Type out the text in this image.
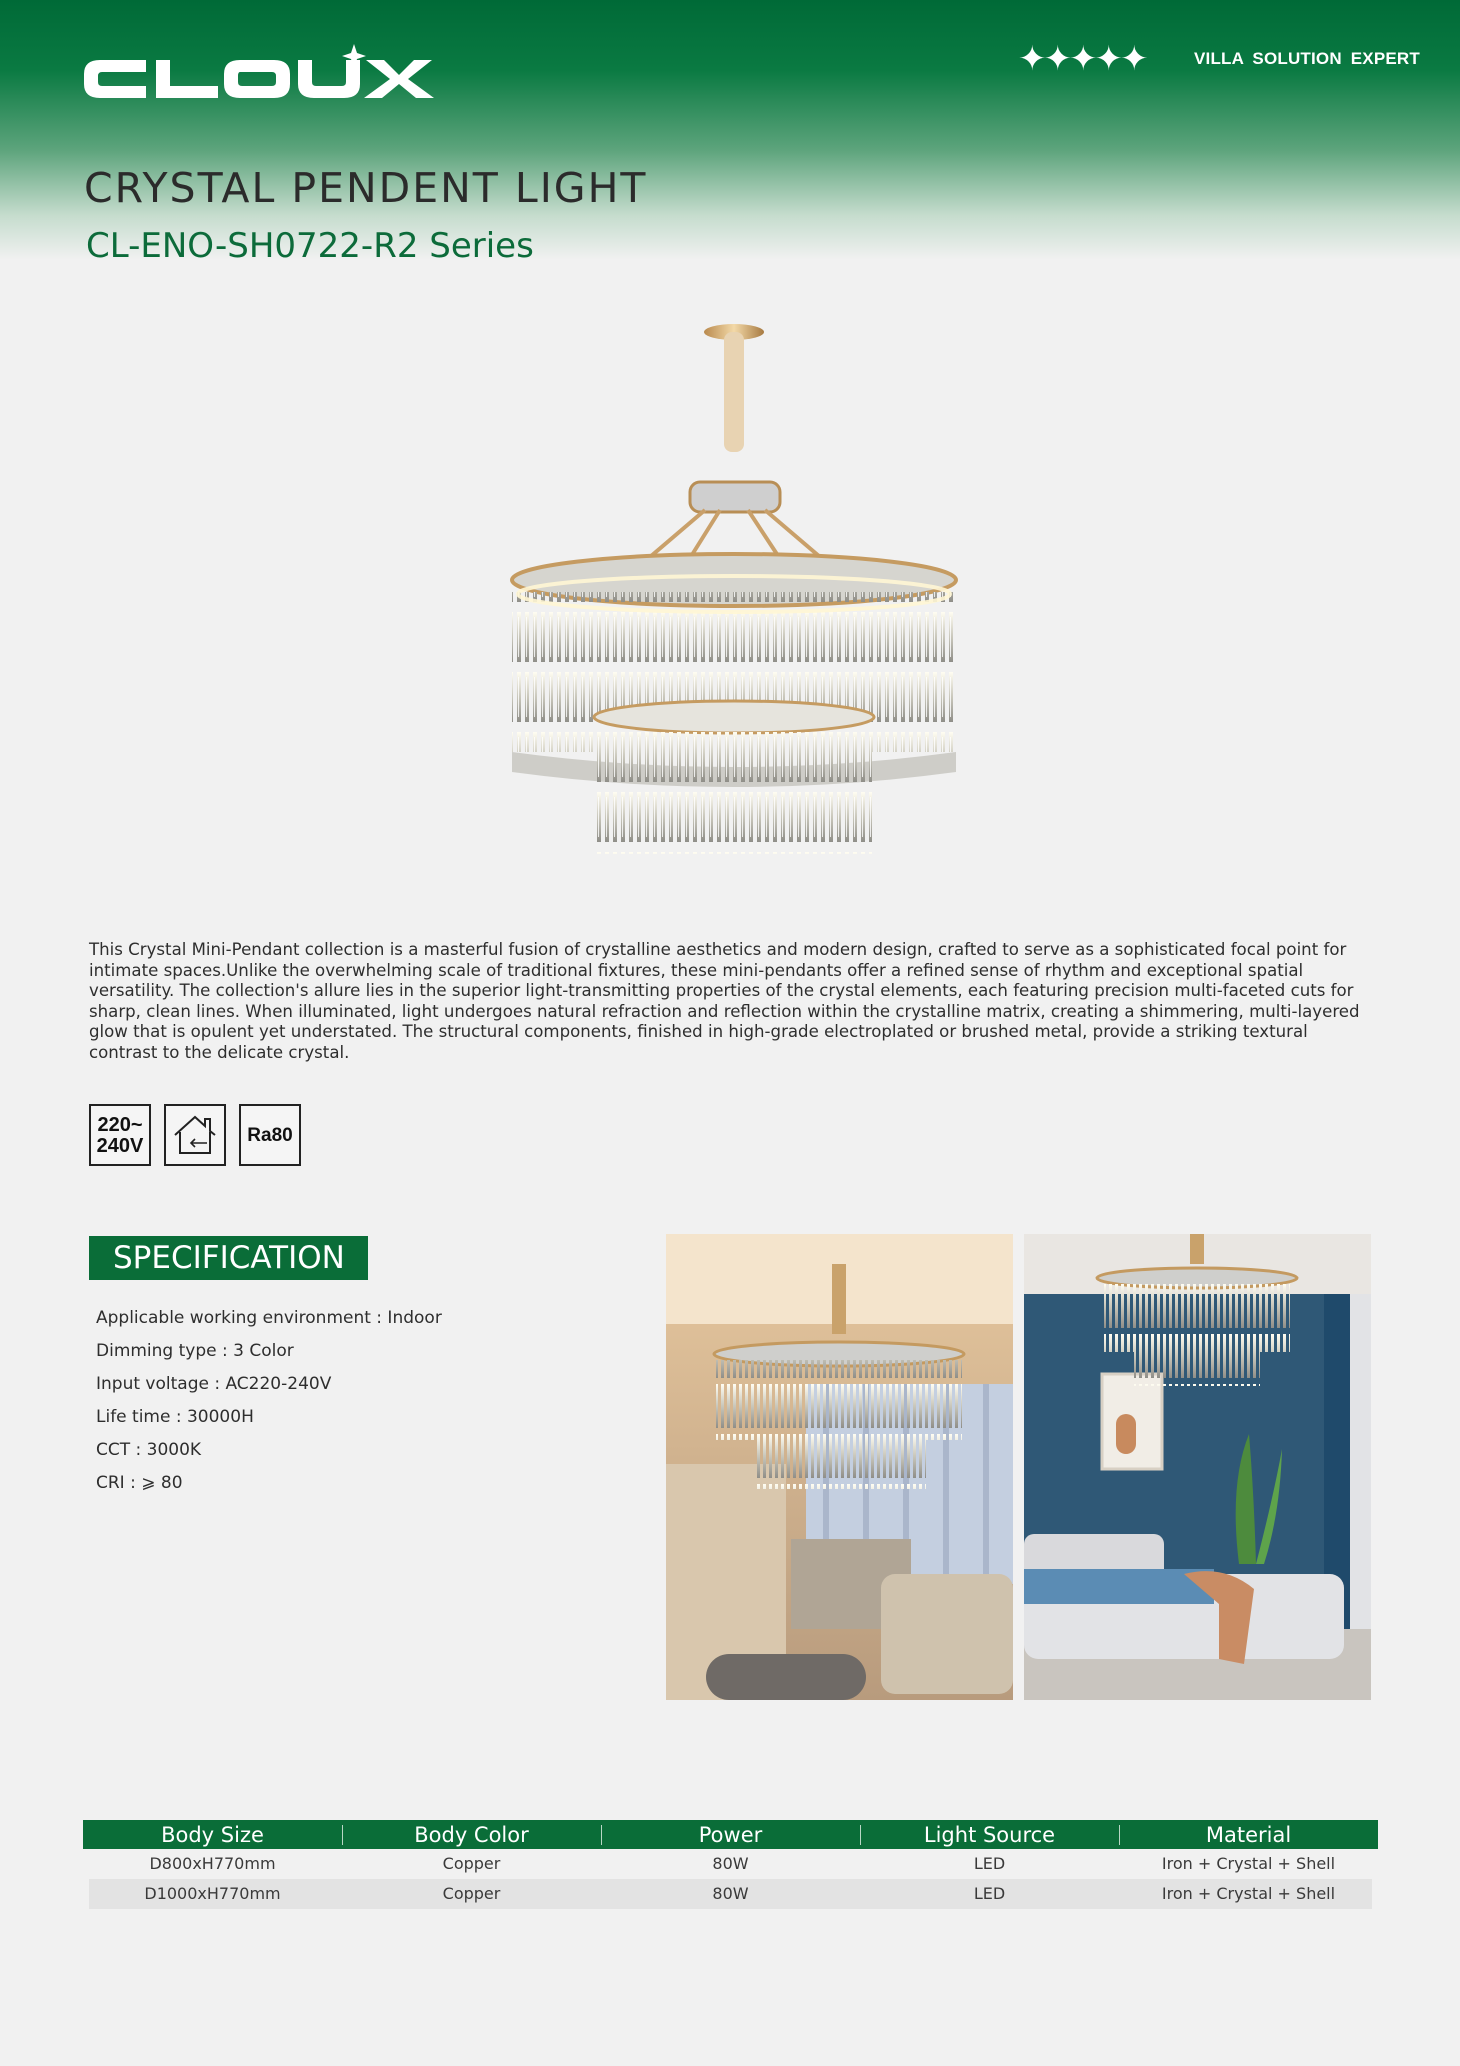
✦✦✦✦✦	VILLA SOLUTION EXPERT
CRYSTAL PENDENT LIGHT
CL-ENO-SH0722-R2 Series

This Crystal Mini-Pendant collection is a masterful fusion of crystalline aesthetics and modern design, crafted to serve as a sophisticated focal point for intimate spaces.Unlike the overwhelming scale of traditional fixtures, these mini-pendants offer a refined sense of rhythm and exceptional spatial versatility. The collection's allure lies in the superior light-transmitting properties of the crystal elements, each featuring precision multi-faceted cuts for sharp, clean lines. When illuminated, light undergoes natural refraction and reflection within the crystalline matrix, creating a shimmering, multi-layered glow that is opulent yet understated. The structural components, finished in high-grade electroplated or brushed metal, provide a striking textural contrast to the delicate crystal.

220~
240V	Ra80
SPECIFICATION
Applicable working environment : Indoor
Dimming type : 3 Color
Input voltage : AC220-240V
Life time : 30000H
CCT : 3000K
CRI : ⩾ 80
Body Size	Body Color	Power	Light Source	Material
D800xH770mm	Copper	80W	LED	Iron + Crystal + Shell
D1000xH770mm	Copper	80W	LED	Iron + Crystal + Shell
